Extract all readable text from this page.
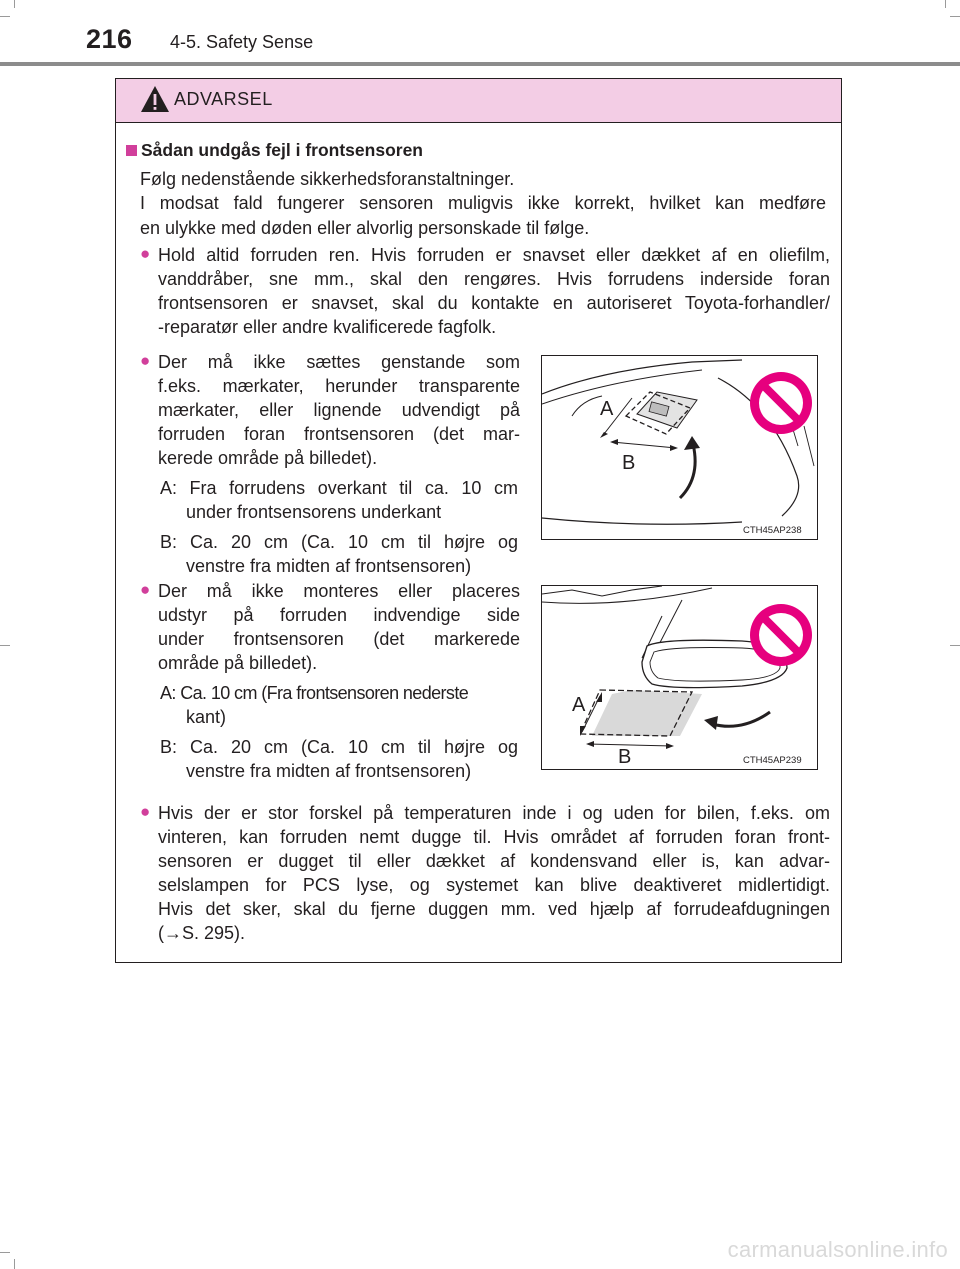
216 4-5. Safety Sense
ADVARSEL
Sådan undgås fejl i frontsensoren
Følg nedenstående sikkerhedsforanstaltninger.
I modsat fald fungerer sensoren muligvis ikke korrekt, hvilket kan medføre
en ulykke med døden eller alvorlig personskade til følge.
● Hold altid forruden ren. Hvis forruden er snavset eller dækket af en oliefilm,
vanddråber, sne mm., skal den rengøres. Hvis forrudens inderside foran
frontsensoren er snavset, skal du kontakte en autoriseret Toyota-forhandler/
-reparatør eller andre kvalificerede fagfolk.
● Der må ikke sættes genstande som
f.eks. mærkater, herunder transparente
mærkater, eller lignende udvendigt på
forruden foran frontsensoren (det mar-
kerede område på billedet).
A: Fra forrudens overkant til ca. 10 cm
under frontsensorens underkant
B: Ca. 20 cm (Ca. 10 cm til højre og
venstre fra midten af frontsensoren)
● Der må ikke monteres eller placeres
udstyr på forruden indvendige side
under frontsensoren (det markerede
område på billedet).
A: Ca. 10 cm (Fra frontsensoren nederste
kant)
B: Ca. 20 cm (Ca. 10 cm til højre og
venstre fra midten af frontsensoren)
● Hvis der er stor forskel på temperaturen inde i og uden for bilen, f.eks. om
vinteren, kan forruden nemt dugge til. Hvis området af forruden foran front-
sensoren er dugget til eller dækket af kondensvand eller is, kan advar-
selslampen for PCS lyse, og systemet kan blive deaktiveret midlertidigt.
Hvis det sker, skal du fjerne duggen mm. ved hjælp af forrudeafdugningen
(→S. 295).
A
B
CTH45AP238
A
B	CTH45AP239
carmanualsonline.info
